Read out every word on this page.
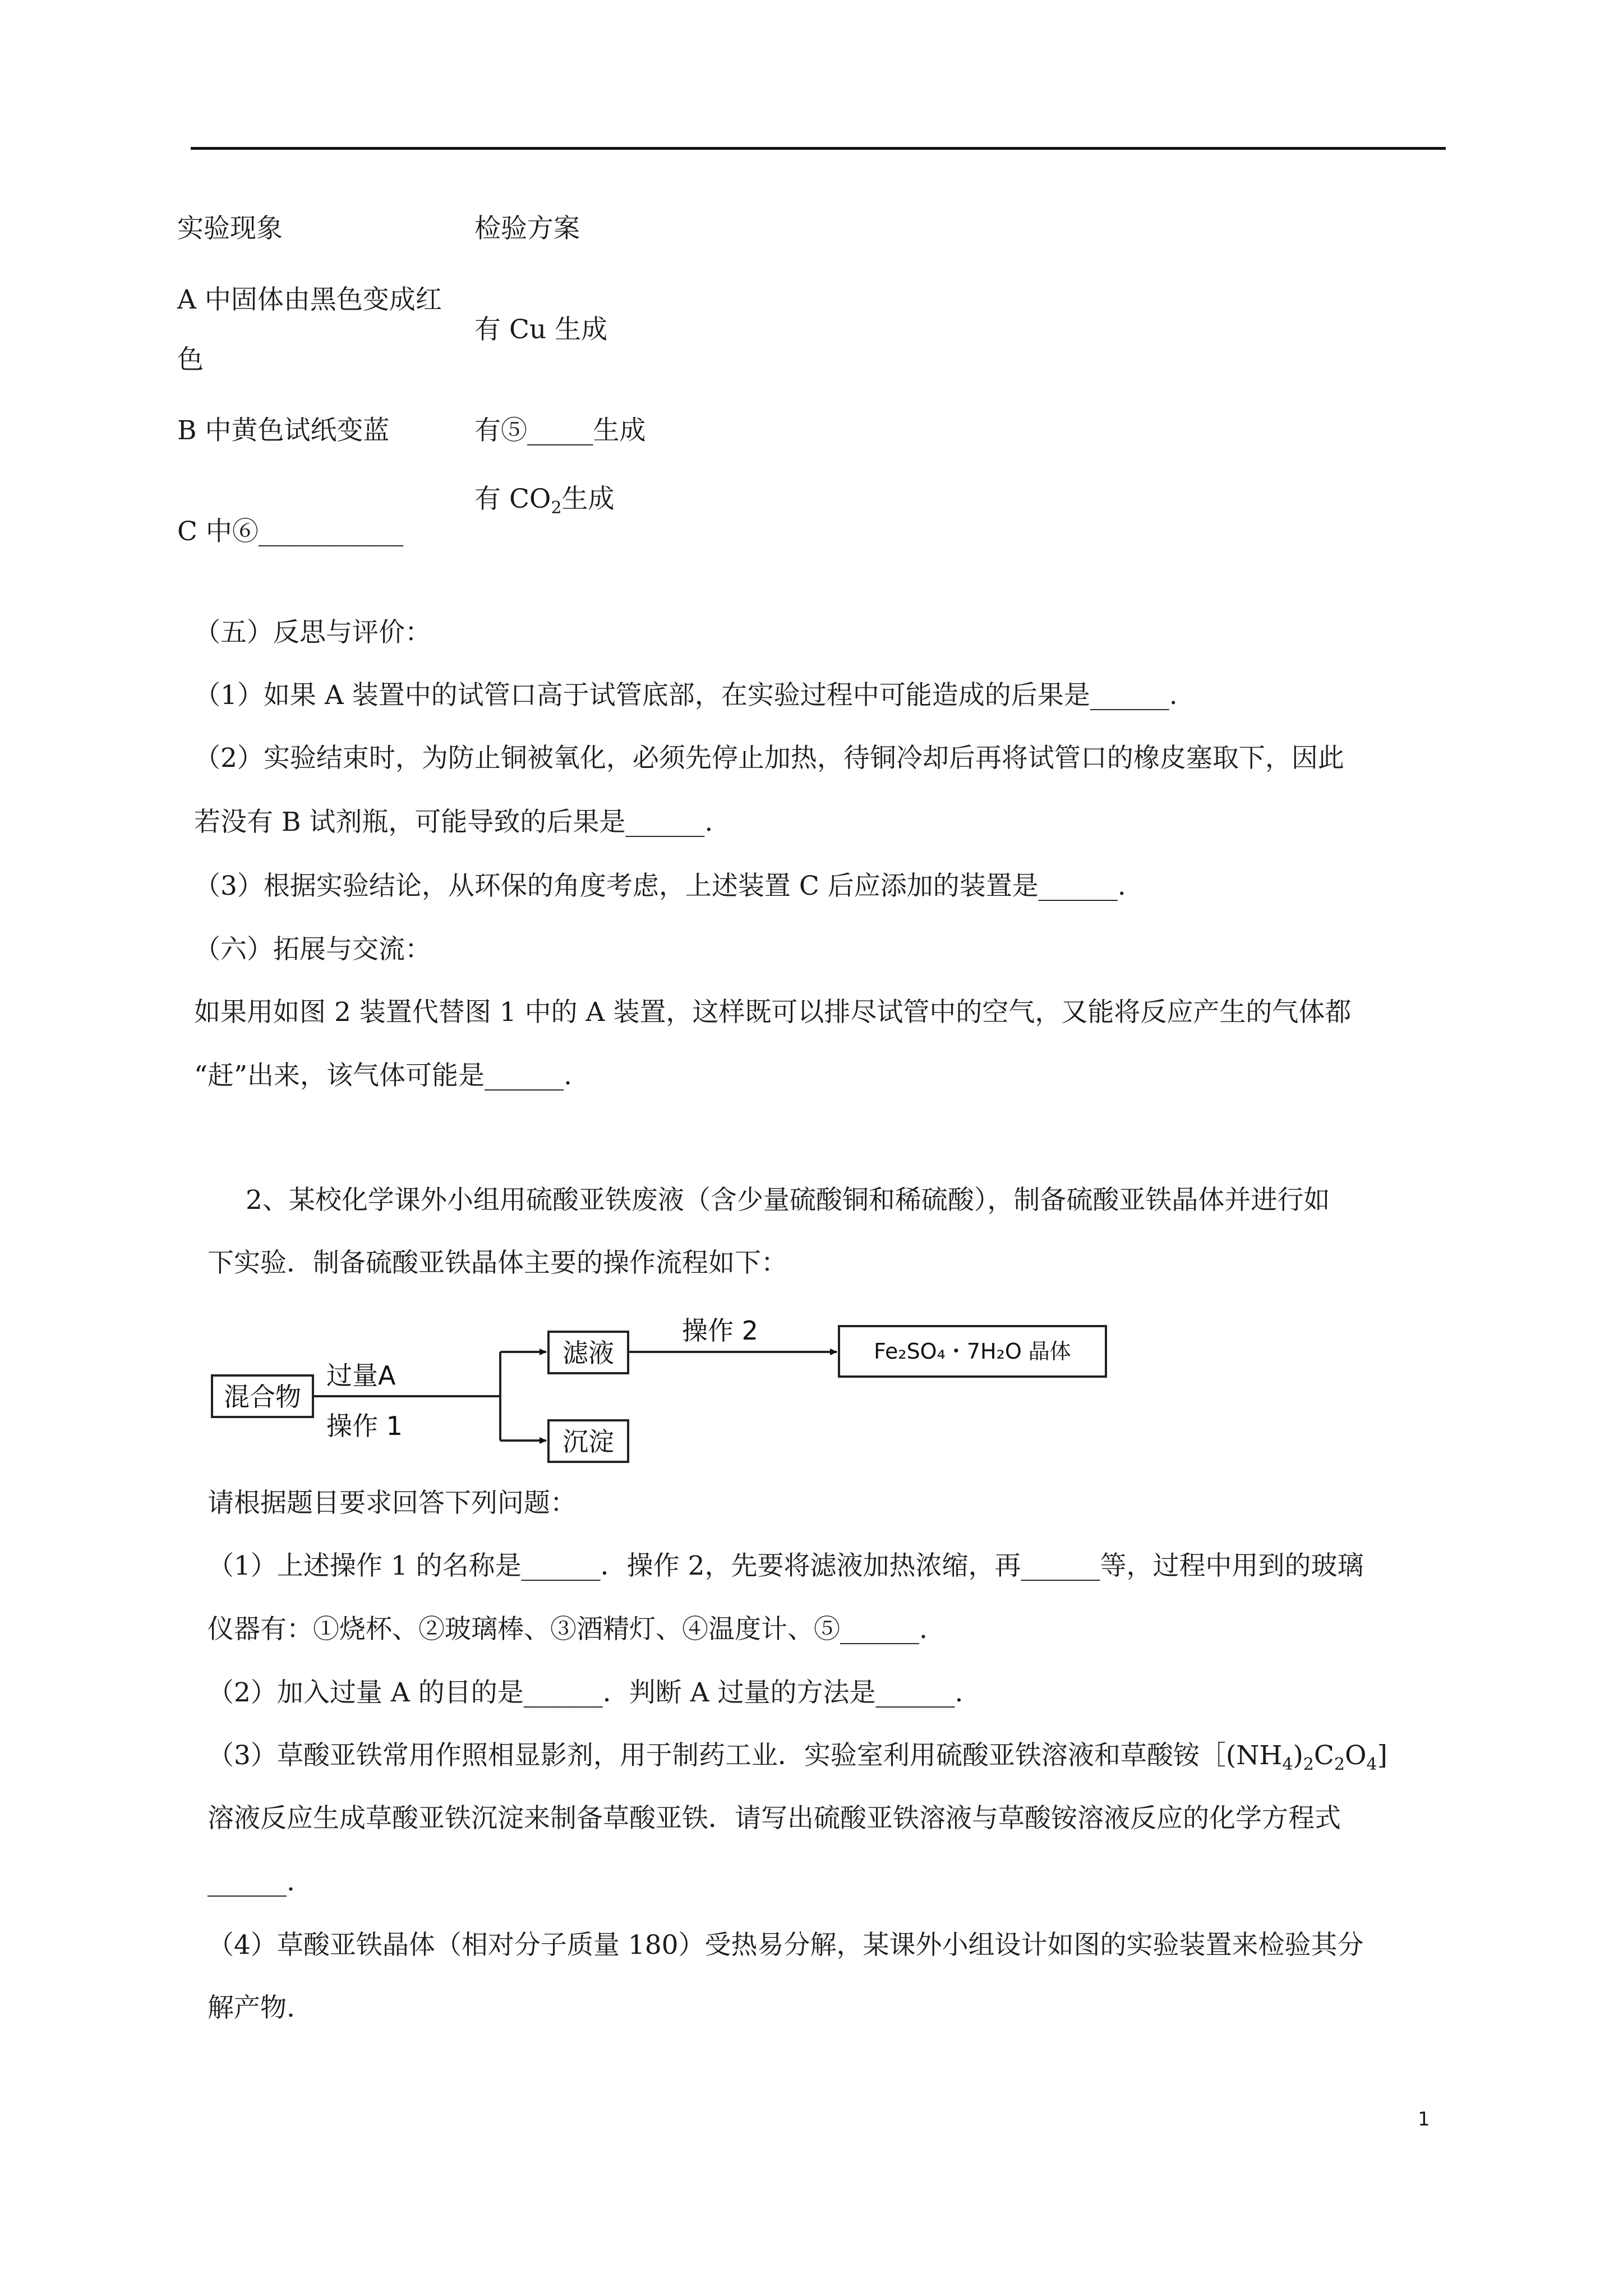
实验现象	检验方案
A 中固体由黑色变成红
色
有 Cu 生成
B 中黄色试纸变蓝	有⑤_____生成
有 $CO_2$生成
C 中⑥___________
（五）反思与评价：
（1）如果 A 装置中的试管口高于试管底部，在实验过程中可能造成的后果是______.
（2）实验结束时，为防止铜被氧化，必须先停止加热，待铜冷却后再将试管口的橡皮塞取下，因此
若没有 B 试剂瓶，可能导致的后果是______.
（3）根据实验结论，从环保的角度考虑，上述装置 C 后应添加的装置是______.
（六）拓展与交流：
如果用如图 2 装置代替图 1 中的 A 装置，这样既可以排尽试管中的空气，又能将反应产生的气体都
“赶”出来，该气体可能是______.
2、某校化学课外小组用硫酸亚铁废液（含少量硫酸铜和稀硫酸），制备硫酸亚铁晶体并进行如
下实验．制备硫酸亚铁晶体主要的操作流程如下：
混合物
过量A
操作 1
滤液
沉淀
操作 2
Fe₂SO₄・7H₂O 晶体
请根据题目要求回答下列问题：
（1）上述操作 1 的名称是______．操作 2，先要将滤液加热浓缩，再______等，过程中用到的玻璃
仪器有：①烧杯、②玻璃棒、③酒精灯、④温度计、⑤______.
（2）加入过量 A 的目的是______．判断 A 过量的方法是______.
（3）草酸亚铁常用作照相显影剂，用于制药工业．实验室利用硫酸亚铁溶液和草酸铵$[(NH_4)_2C_2O_4$]
溶液反应生成草酸亚铁沉淀来制备草酸亚铁．请写出硫酸亚铁溶液与草酸铵溶液反应的化学方程式
______.
（4）草酸亚铁晶体（相对分子质量 180）受热易分解，某课外小组设计如图的实验装置来检验其分
解产物.
1
